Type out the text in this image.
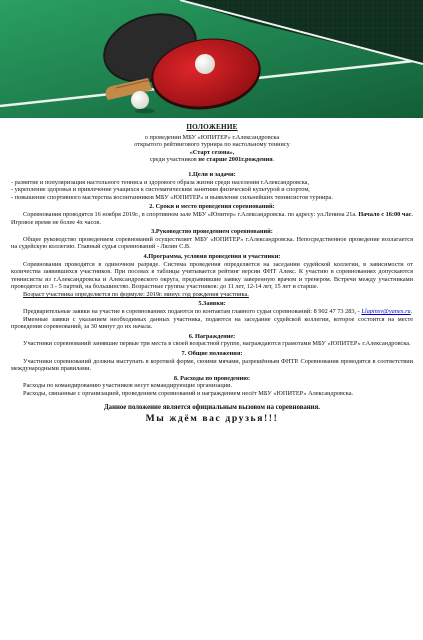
ПОЛОЖЕНИЕ
о проведении МБУ «ЮПИТЕР» г.Александровска
открытого рейтингового турнира по настольному теннису
«Старт сезона»,
среди участников не старше 2001г.рождения.
1.Цели и задачи:

- развитие и популяризация настольного тенниса и здорового образа жизни среди населения г.Александровска,

- укрепление здоровья и привлечение учащихся к систематическим занятиям физической культурой и спортом,

- повышение спортивного мастерства воспитанников МБУ «ЮПИТЕР» и выявление сильнейших теннисистов турнира.

2. Сроки и место проведения соревнований:

Соревнования проводятся 16 ноября 2019г., в спортивном зале МБУ «Юпитер» г.Александровска. по адресу: ул.Ленина 21а. Начало с 16:00 час. Игровое время не более 4х часов.

3.Руководство проведением соревнований:

Общее руководство проведением соревнований осуществляет МБУ «ЮПИТЕР» г.Александровска. Непосредственное проведение возлагается на судейскую коллегию. Главный судья соревнований - Лялин С.В.

4.Программа, условия проведения и участники:

Соревнования проводятся в одиночном разряде. Система проведения определяется на заседании судейской коллегии, в зависимости от количества заявившихся участников. При посевах в таблицы учитывается рейтинг версии ФНТ Алекс. К участию в соревнованиях допускаются теннисисты из г.Александровска и Александровского округа, предъявившие заявку заверенную врачом и тренером. Встречи между участниками проводятся из 3 - 5 партий, на большинство. Возрастные группы участников: до 11 лет, 12-14 лет, 15 лет и старше.

Возраст участника определяется по формуле: 2019г. минус год рождения участника.

5.Заявки:

Предварительные заявки на участие в соревнованиях подаются по контактам главного судьи соревнований: 8 902 47 73 283, - Llapinsv@yanex.ru.

Именные заявки с указанием необходимых данных участника, подаются на заседание судейской коллегии, которое состоится на месте проведения соревнований, за 30 минут до их начала.

6. Награждение:

Участники соревнований занявшие первые три места в своей возрастной группе, награждаются грамотами МБУ «ЮПИТЕР» г.Александровска.

7. Общие положения:

Участники соревнований должны выступать в короткой форме, своими мячами, разрешённым ФНТР. Соревнования проводятся в соответствии международными правилами.

8. Расходы по проведению:

Расходы по командированию участников несут командирующие организации.

Расходы, связанные с организацией, проведением соревнований и награждением несёт МБУ «ЮПИТЕР» Александровска.

Данное положение является официальным вызовом на соревнования.
Мы ждём вас друзья!!!
